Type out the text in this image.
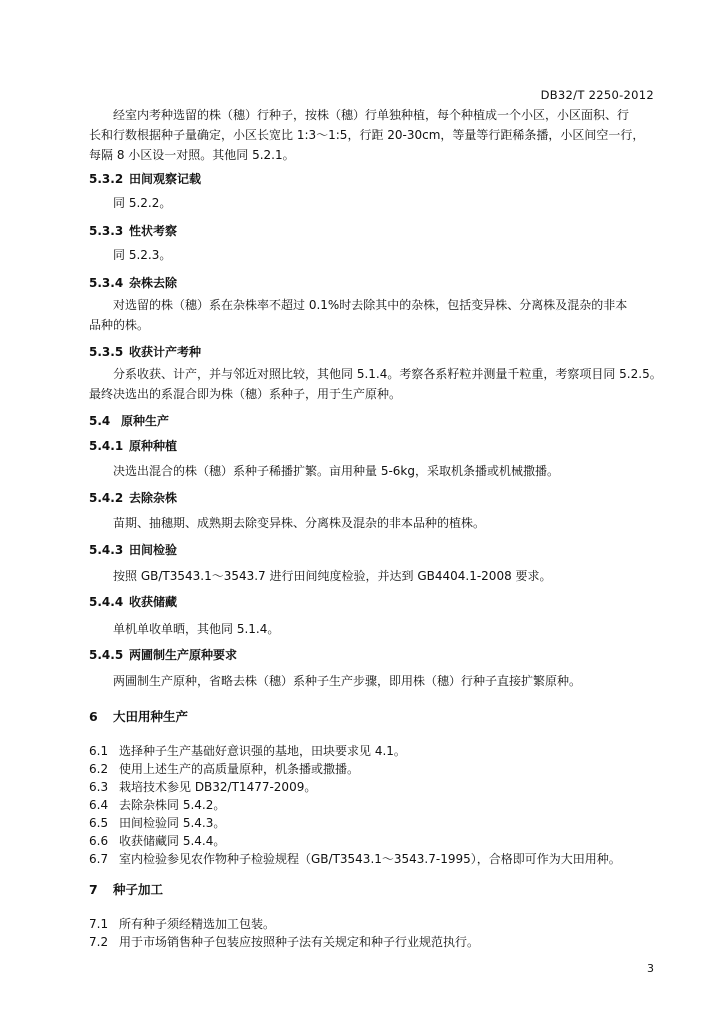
DB32/T 2250-2012
经室内考种选留的株（穗）行种子，按株（穗）行单独种植，每个种植成一个小区，小区面积、行
长和行数根据种子量确定，小区长宽比 1:3～1:5，行距 20-30cm，等量等行距稀条播，小区间空一行，
每隔 8 小区设一对照。其他同 5.2.1。
5.3.2 田间观察记载
同 5.2.2。
5.3.3 性状考察
同 5.2.3。
5.3.4 杂株去除
对选留的株（穗）系在杂株率不超过 0.1%时去除其中的杂株，包括变异株、分离株及混杂的非本
品种的株。
5.3.5 收获计产考种
分系收获、计产，并与邻近对照比较，其他同 5.1.4。考察各系籽粒并测量千粒重，考察项目同 5.2.5。
最终决选出的系混合即为株（穗）系种子，用于生产原种。
5.4 原种生产
5.4.1 原种种植
决选出混合的株（穗）系种子稀播扩繁。亩用种量 5-6kg，采取机条播或机械撒播。
5.4.2 去除杂株
苗期、抽穗期、成熟期去除变异株、分离株及混杂的非本品种的植株。
5.4.3 田间检验
按照 GB/T3543.1～3543.7 进行田间纯度检验，并达到 GB4404.1-2008 要求。
5.4.4 收获储藏
单机单收单晒，其他同 5.1.4。
5.4.5 两圃制生产原种要求
两圃制生产原种，省略去株（穗）系种子生产步骤，即用株（穗）行种子直接扩繁原种。
6 大田用种生产
6.1 选择种子生产基础好意识强的基地，田块要求见 4.1。
6.2 使用上述生产的高质量原种，机条播或撒播。
6.3 栽培技术参见 DB32/T1477-2009。
6.4 去除杂株同 5.4.2。
6.5 田间检验同 5.4.3。
6.6 收获储藏同 5.4.4。
6.7 室内检验参见农作物种子检验规程（GB/T3543.1～3543.7-1995），合格即可作为大田用种。
7 种子加工
7.1 所有种子须经精选加工包装。
7.2 用于市场销售种子包装应按照种子法有关规定和种子行业规范执行。
3
